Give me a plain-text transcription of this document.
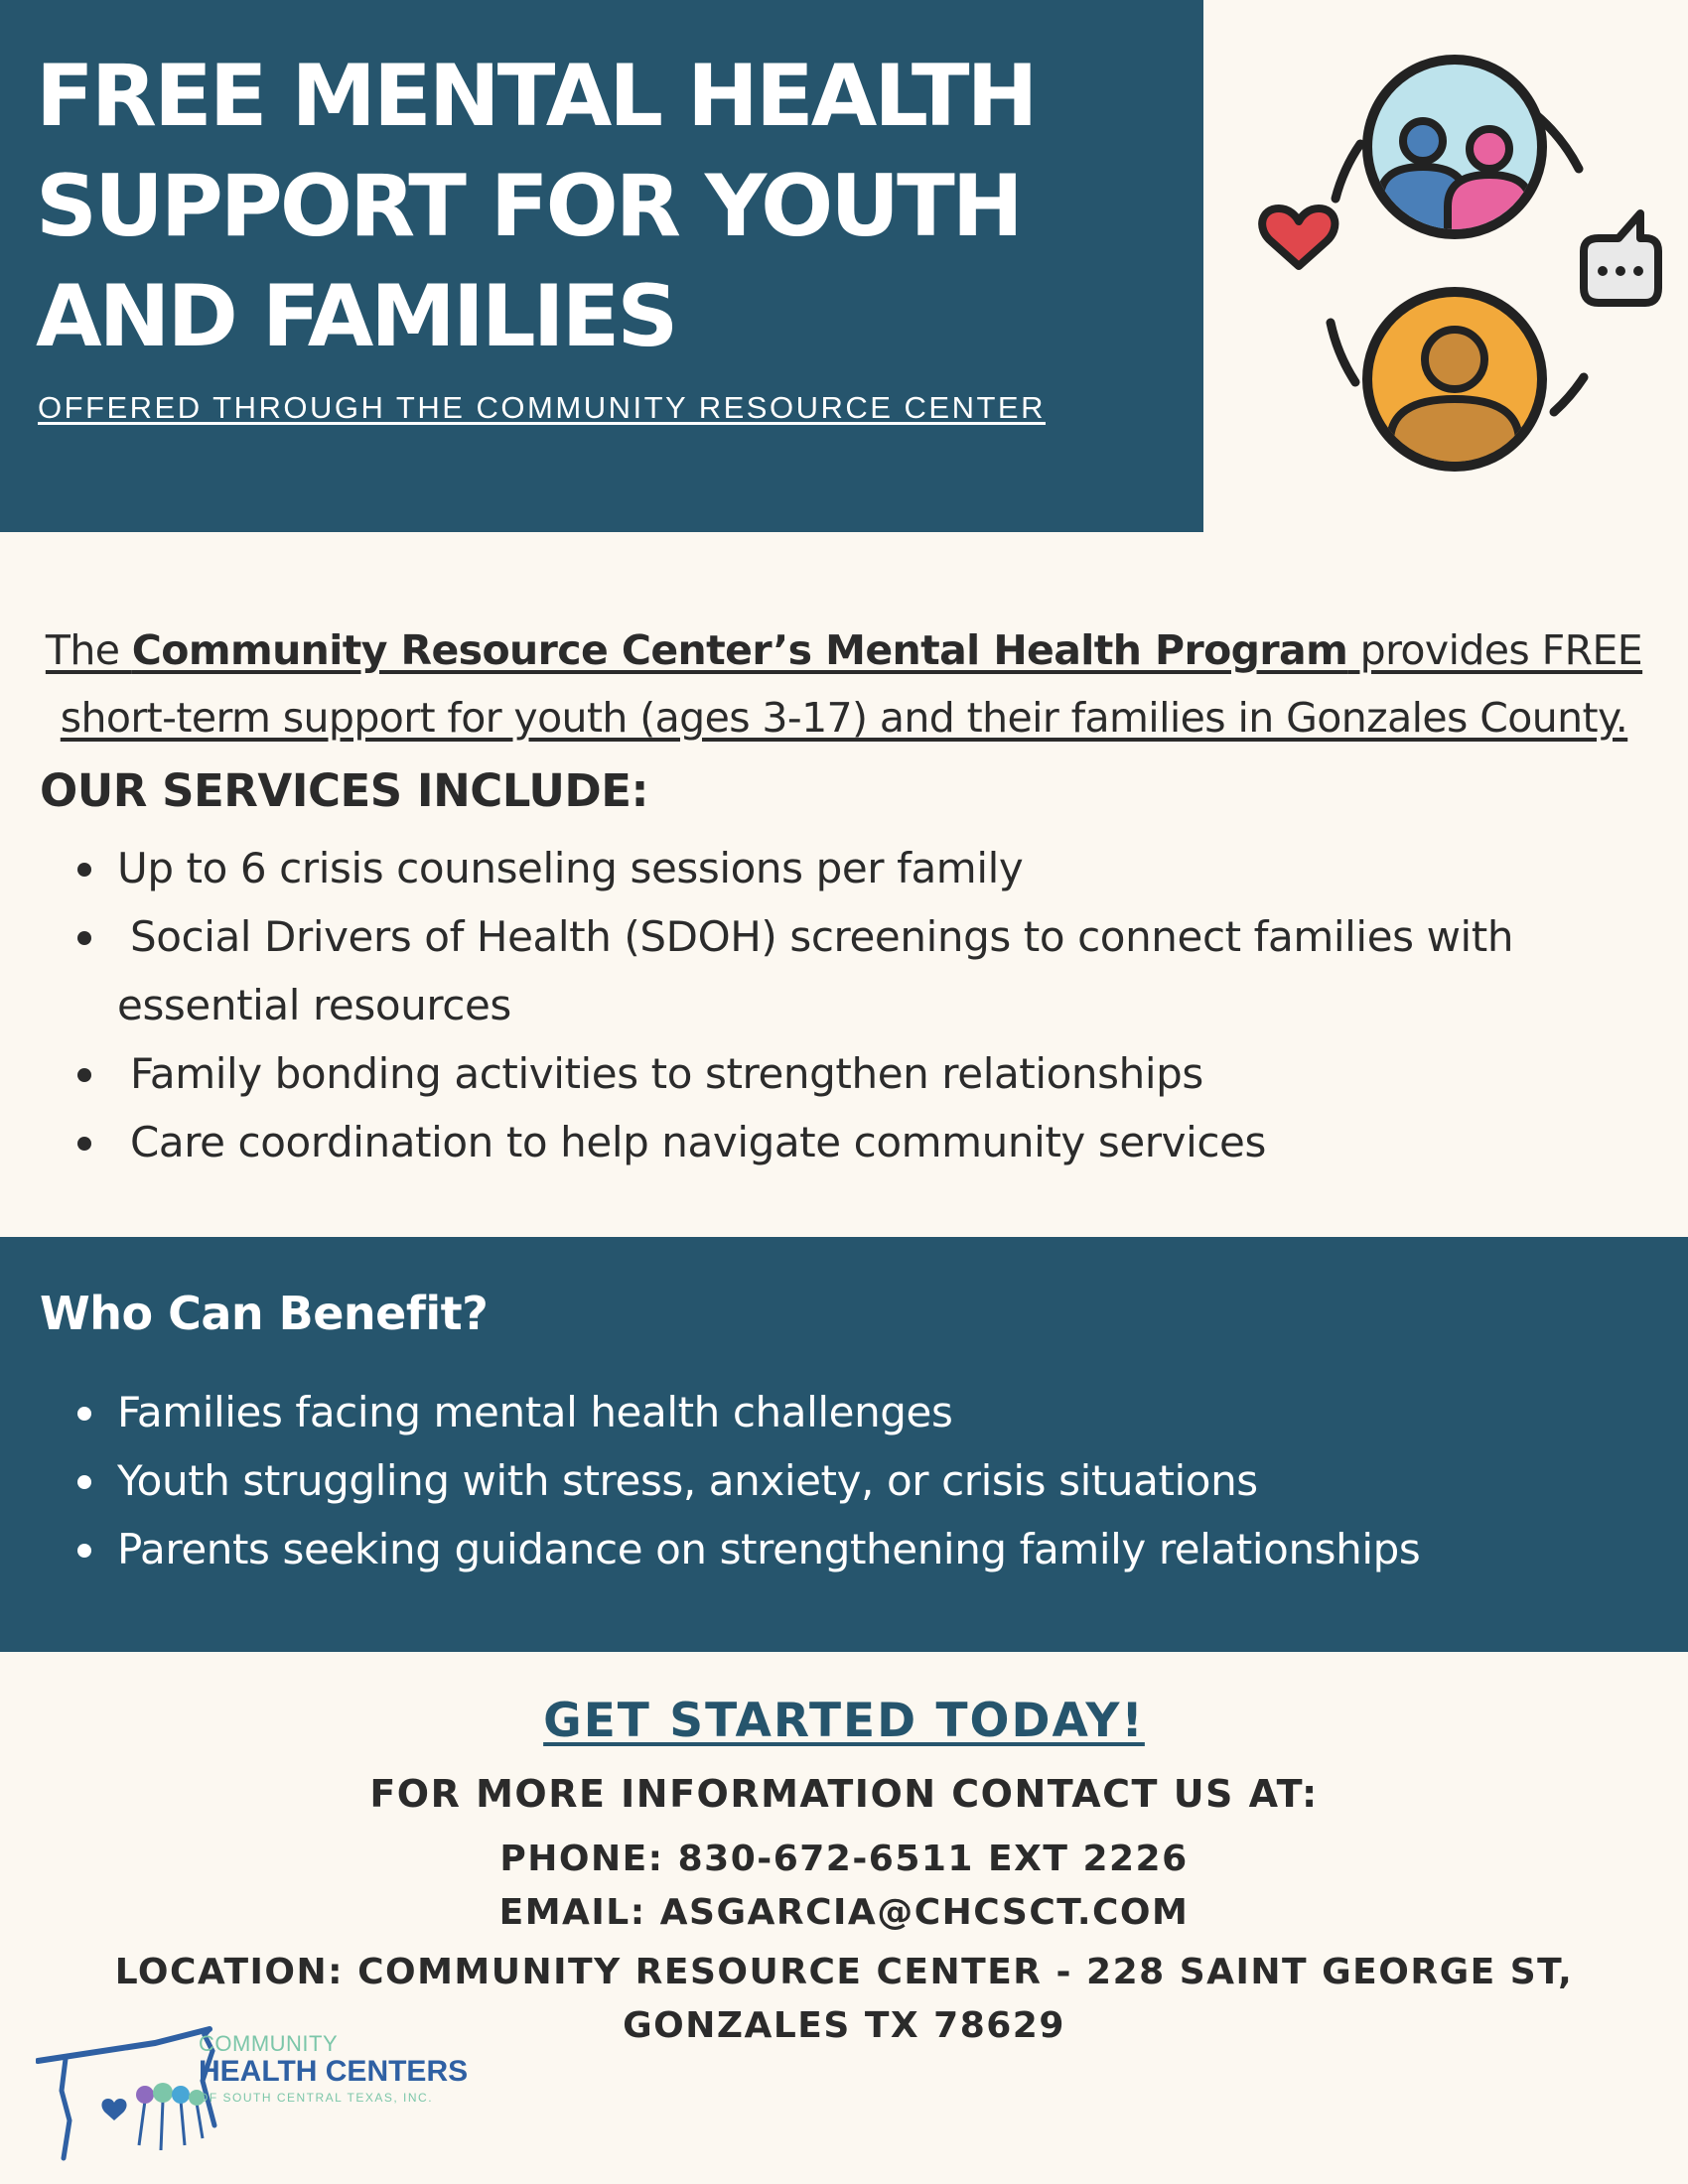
FREE MENTAL HEALTH
SUPPORT FOR YOUTH
AND FAMILIES
OFFERED THROUGH THE COMMUNITY RESOURCE CENTER

The Community Resource Center’s Mental Health Program provides FREE short-term support for youth (ages 3-17) and their families in Gonzales County.

OUR SERVICES INCLUDE:
Up to 6 crisis counseling sessions per family
Social Drivers of Health (SDOH) screenings to connect families with essential resources
Family bonding activities to strengthen relationships
Care coordination to help navigate community services
Who Can Benefit?
Families facing mental health challenges
Youth struggling with stress, anxiety, or crisis situations
Parents seeking guidance on strengthening family relationships
GET STARTED TODAY!
FOR MORE INFORMATION CONTACT US AT:
PHONE: 830-672-6511 EXT 2226
EMAIL: ASGARCIA@CHCSCT.COM
LOCATION: COMMUNITY RESOURCE CENTER - 228 SAINT GEORGE ST, GONZALES TX 78629
COMMUNITY
HEALTH CENTERS
OF SOUTH CENTRAL TEXAS, INC.
